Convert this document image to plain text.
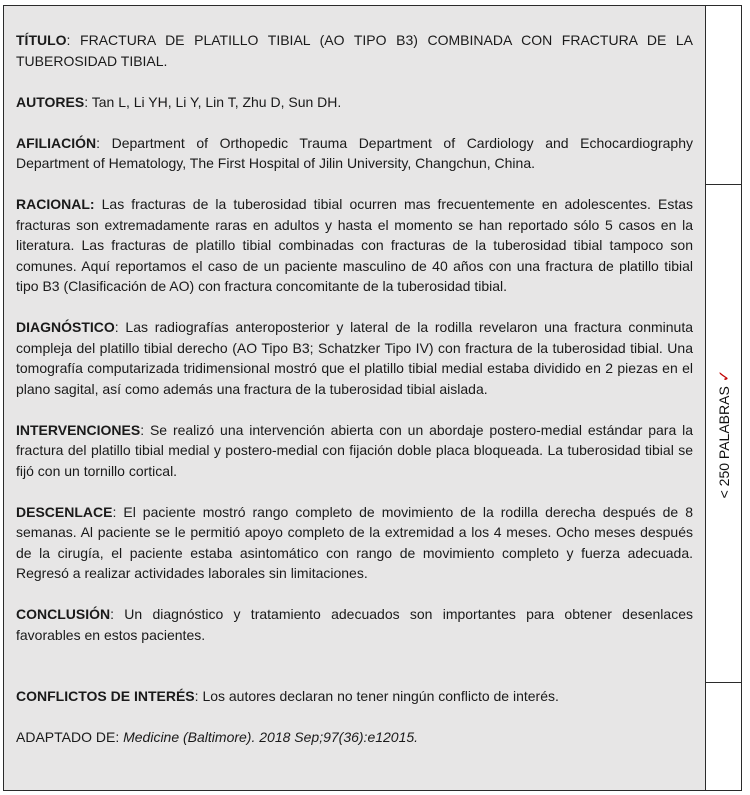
TÍTULO: FRACTURA DE PLATILLO TIBIAL (AO TIPO B3) COMBINADA CON FRACTURA DE LA TUBEROSIDAD TIBIAL.

AUTORES: Tan L, Li YH, Li Y, Lin T, Zhu D, Sun DH.

AFILIACIÓN: Department of Orthopedic Trauma Department of Cardiology and Echocardiography Department of Hematology, The First Hospital of Jilin University, Changchun, China.

RACIONAL: Las fracturas de la tuberosidad tibial ocurren mas frecuentemente en adolescentes. Estas fracturas son extremadamente raras en adultos y hasta el momento se han reportado sólo 5 casos en la literatura. Las fracturas de platillo tibial combinadas con fracturas de la tuberosidad tibial tampoco son comunes. Aquí reportamos el caso de un paciente masculino de 40 años con una fractura de platillo tibial tipo B3 (Clasificación de AO) con fractura concomitante de la tuberosidad tibial.

DIAGNÓSTICO: Las radiografías anteroposterior y lateral de la rodilla revelaron una fractura conminuta compleja del platillo tibial derecho (AO Tipo B3; Schatzker Tipo IV) con fractura de la tuberosidad tibial. Una tomografía computarizada tridimensional mostró que el platillo tibial medial estaba dividido en 2 piezas en el plano sagital, así como además una fractura de la tuberosidad tibial aislada.

INTERVENCIONES: Se realizó una intervención abierta con un abordaje postero-medial estándar para la fractura del platillo tibial medial y postero-medial con fijación doble placa bloqueada. La tuberosidad tibial se fijó con un tornillo cortical.

DESCENLACE: El paciente mostró rango completo de movimiento de la rodilla derecha después de 8 semanas. Al paciente se le permitió apoyo completo de la extremidad a los 4 meses. Ocho meses después de la cirugía, el paciente estaba asintomático con rango de movimiento completo y fuerza adecuada. Regresó a realizar actividades laborales sin limitaciones.

CONCLUSIÓN: Un diagnóstico y tratamiento adecuados son importantes para obtener desenlaces favorables en estos pacientes.

CONFLICTOS DE INTERÉS: Los autores declaran no tener ningún conflicto de interés.

ADAPTADO DE: Medicine (Baltimore). 2018 Sep;97(36):e12015.

< 250 PALABRAS✓
